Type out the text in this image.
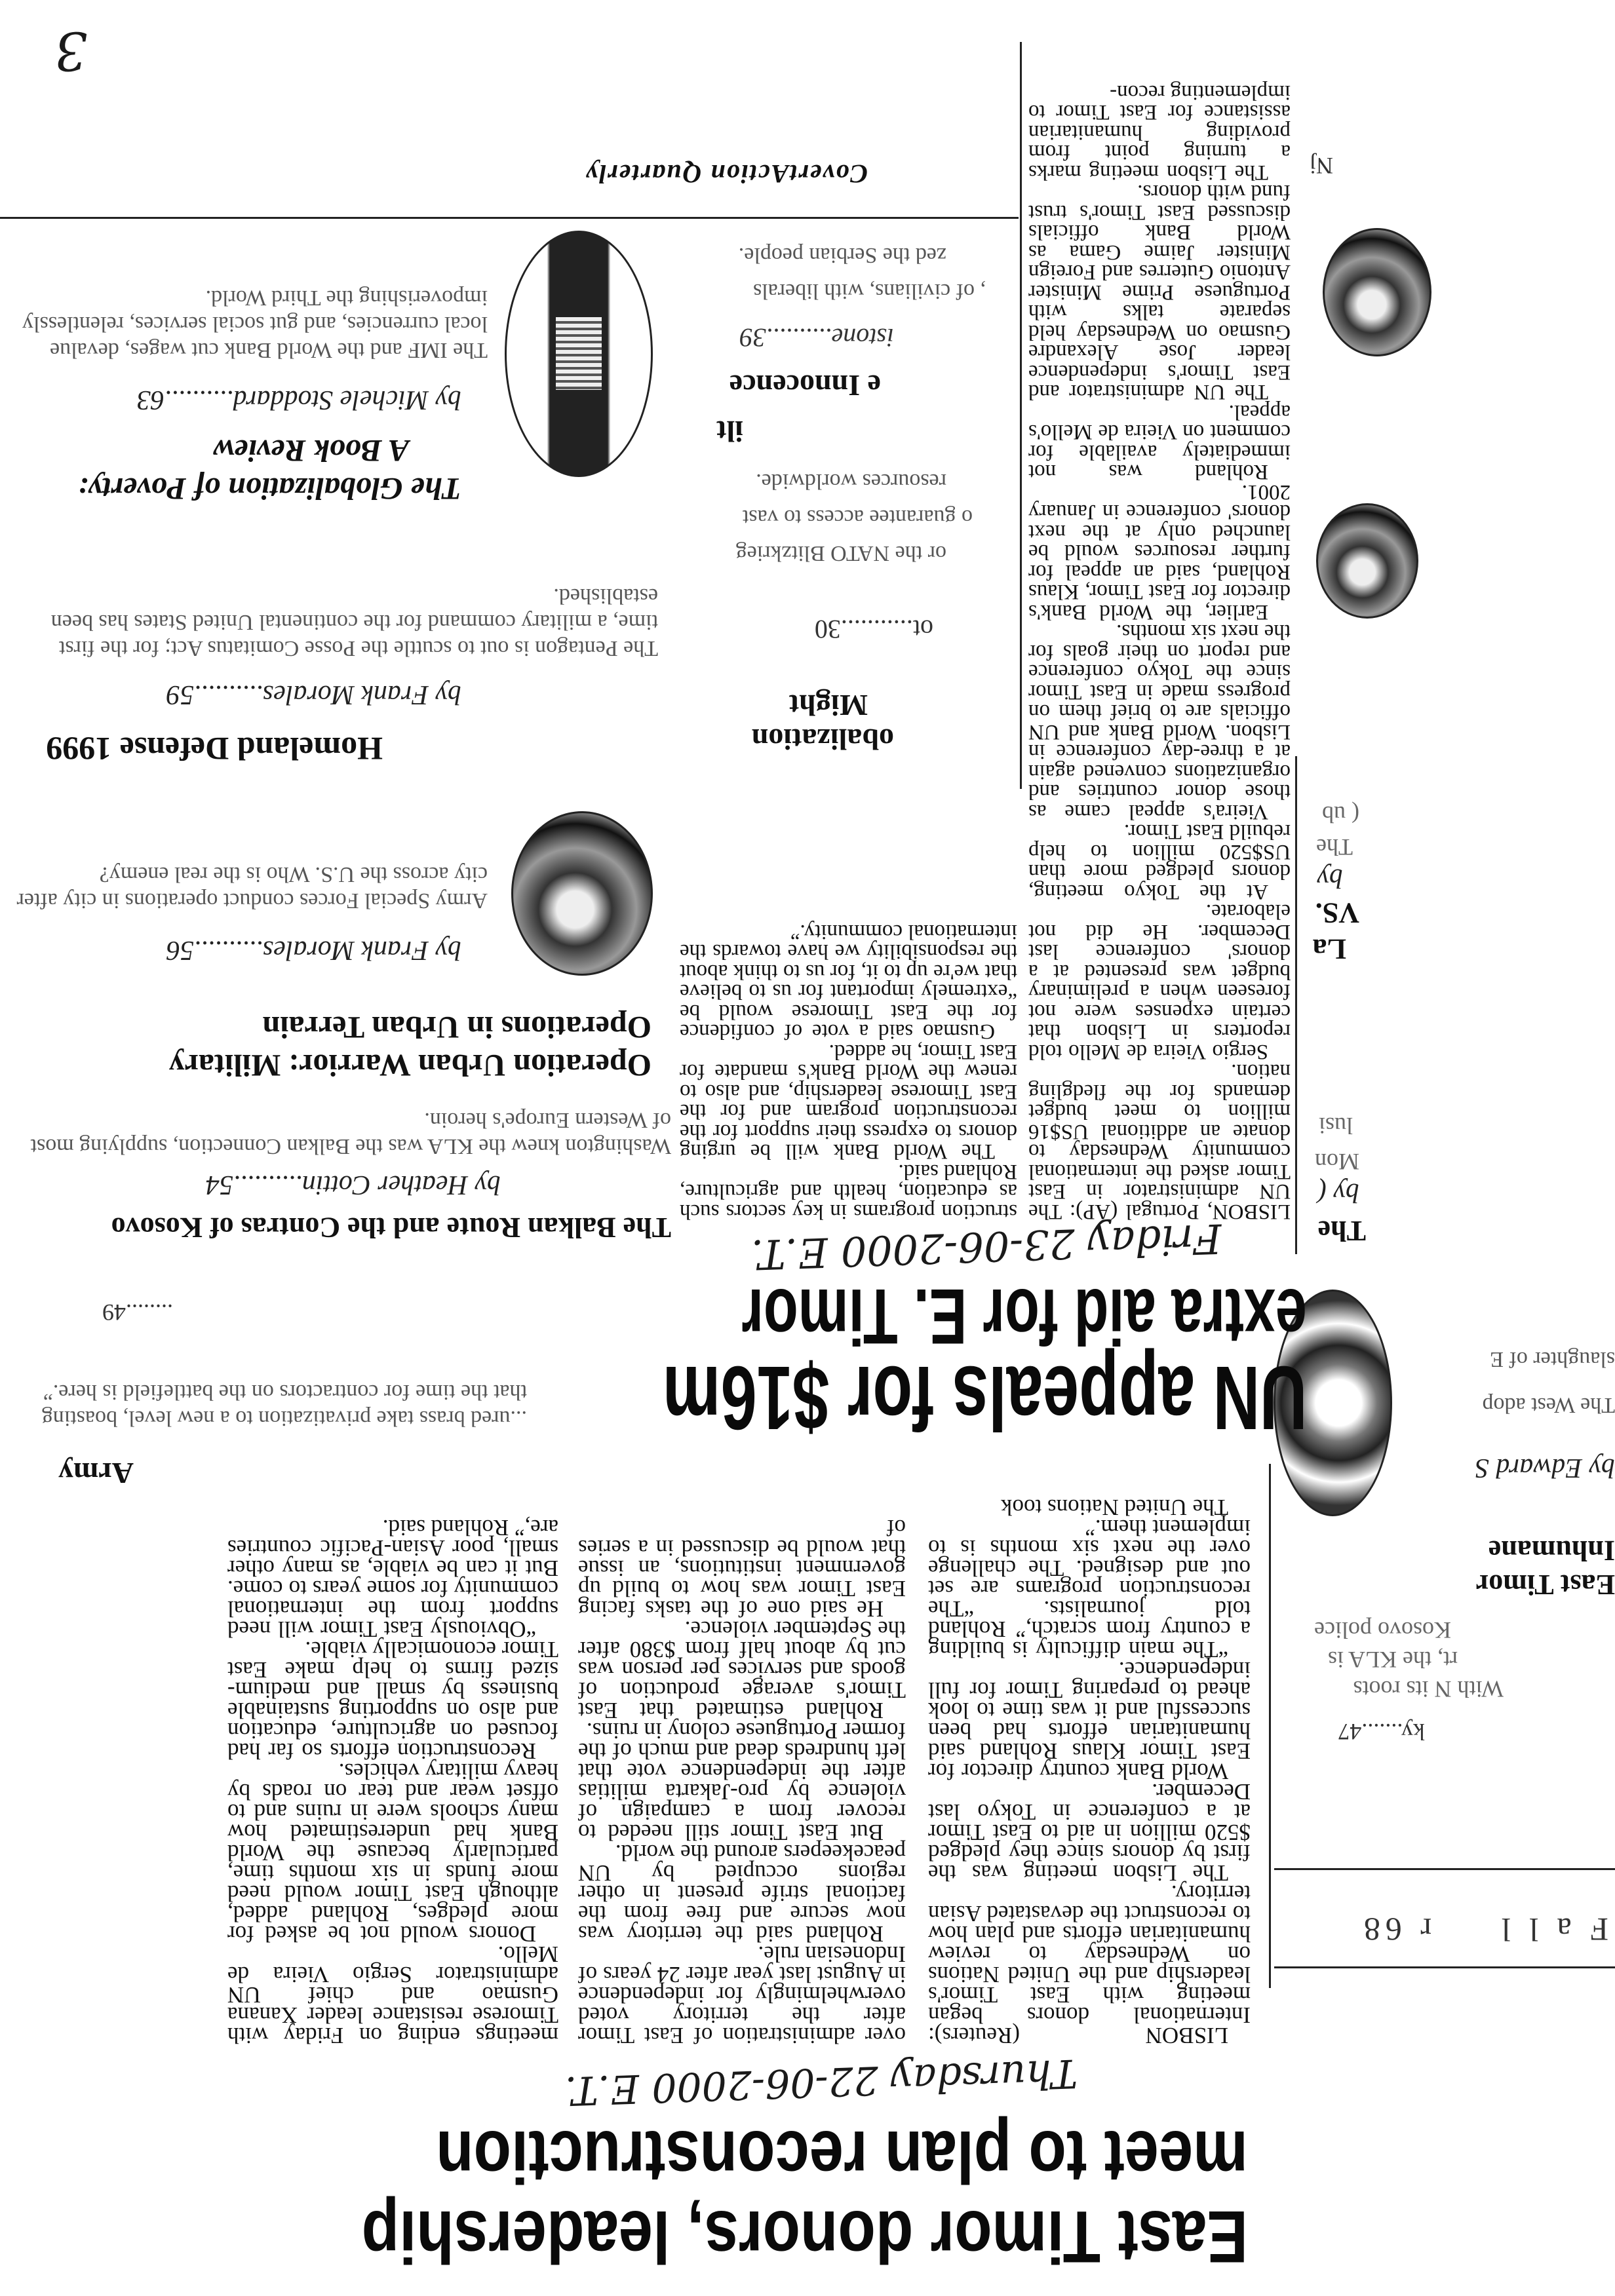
East Timor donors, leadership
meet to plan reconstruction
Thursday 22-06-2000 E.T.

LISBON (Reuters): International donors began meeting with East Timor's leadership and the United Nations on Wednesday to review humanitarian efforts and plan how to reconstruct the devastated Asian territory.

The Lisbon meeting was the first by donors since they pledged $520 million in aid to East Timor at a conference in Tokyo last December.

World Bank country director for East Timor Klaus Rohland said humanitarian efforts had been successful and it was time to look ahead to preparing Timor for full independence.

“The main difficulty is building a country from scratch,” Rohland told journalists. “The reconstruction programs are set out and designed. The challenge over the next six months is to implement them.”

The United Nations took

over administration of East Timor after the territory voted overwhelmingly for independence in August last year after 24 years of Indonesian rule.

Rohland said the territory was now secure and free from the factional strife present in other regions occupied by UN peacekeepers around the world.

But East Timor still needed to recover from a campaign of violence by pro-Jakarta militias after the independence vote that left hundreds dead and much of the former Portuguese colony in ruins.

Rohland estimated that East Timor's average production of goods and services per person was cut by about half from $380 after the September violence.

He said one of the tasks facing East Timor was how to build up government institutions, an issue that would be discussed in a series of

meetings ending on Friday with Timorese resistance leader Xanana Gusmao and chief UN administrator Sergio Vieira de Mello.

Donors would not be asked for more pledges, Rohland added, although East Timor would need more funds in six months time, particularly because the World Bank had underestimated how many schools were in ruins and to offset wear and tear on roads by heavy military vehicles.

Reconstruction efforts so far had focused on agriculture, education and also on supporting sustainable business by small and medium-sized firms to help make East Timor economically viable.

“Obviously East Timor will need support from the international community for some years to come. But it can be viable, as many other small, poor Asian-Pacific countries are,” Rohland said.

F a l l
r 68
ky.......47
With N its roots
rt, the KLA is
Kosovo police
East Timor
Inhumane
by Edward S
The West adop
slaughter of E
UN appeals for $16m
extra aid for E. Timor
Friday 23-06-2000 E.T.

LISBON, Portugal (AP): The UN administrator in East Timor asked the international community Wednesday to donate an additional US$16 million to meet budget demands for the fledgling nation.

Sergio Vieira de Mello told reporters in Lisbon that certain expenses were not foreseen when a preliminary budget was presented at a donors' conference last December. He did not elaborate.

At the Tokyo meeting, donors pledged more than US$520 million to help rebuild East Timor.

Vieira's appeal came as those donor countries and organizations convened again at a three-day conference in Lisbon. World Bank and UN officials are to brief them on progress made in East Timor since the Tokyo conference and report on their goals for the next six months.

Earlier, the World Bank's director for East Timor, Klaus Rohland, said an appeal for further resources would be launched only at the next donors' conference in January 2001.

Rohland was not immediately available for comment on Vieira de Mello's appeal.

The UN administrator and East Timor's independence leader Jose Alexandre Gusmao on Wednesday held separate talks with Portuguese Prime Minister Antonio Guterres and Foreign Minister Jaime Gama as World Bank officials discussed East Timor's trust fund with donors.

The Lisbon meeting marks a turning point from providing humanitarian assistance for East Timor to implementing recon-

struction programs in key sectors such as education, health and agriculture, Rohland said.

The World Bank will be urging donors to express their support for the reconstruction program and for the East Timorese leadership, and also to renew the World Bank's mandate for East Timor, he added.

Gusmao said a vote of confidence for the East Timorese would be “extremely important for us to believe that we're up to it, for us to think about the responsibility we have towards the international community.”

The
by (
Mon
lusi
La
VS.
by
The
( ub
Nj
Army
...ured brass take privatization to a new level, boasting that the time for contractors on the battlefield is here.”
........49
The Balkan Route and the Contras of Kosovo
by Heather Cottin..........54
Washington knew the KLA was the Balkan Connection, supplying most of Western Europe's heroin.
Operation Urban Warrior: Military
Operations in Urban Terrain
by Frank Morales..........56
Army Special Forces conduct operations in city after city across the U.S. Who is the real enemy?
Homeland Defense 1999
by Frank Morales..........59
The Pentagon is out to scuttle the Posse Comitatus Act; for the first time, a military command for the continental United States has been established.
The Globalization of Poverty:
A Book Review
by Michele Stoddard..........63
The IMF and the World Bank cut wages, devalue local currencies, and gut social services, relentlessly impoverishing the Third World.
obalization
Might
ot...........30
or the NATO Blitzkrieg
o guarantee access to vast
resources worldwide.
ilt
e Innocence
istone..........39
, of civilians, with liberals
zed the Serbian people.
CovertAction Quarterly
3
